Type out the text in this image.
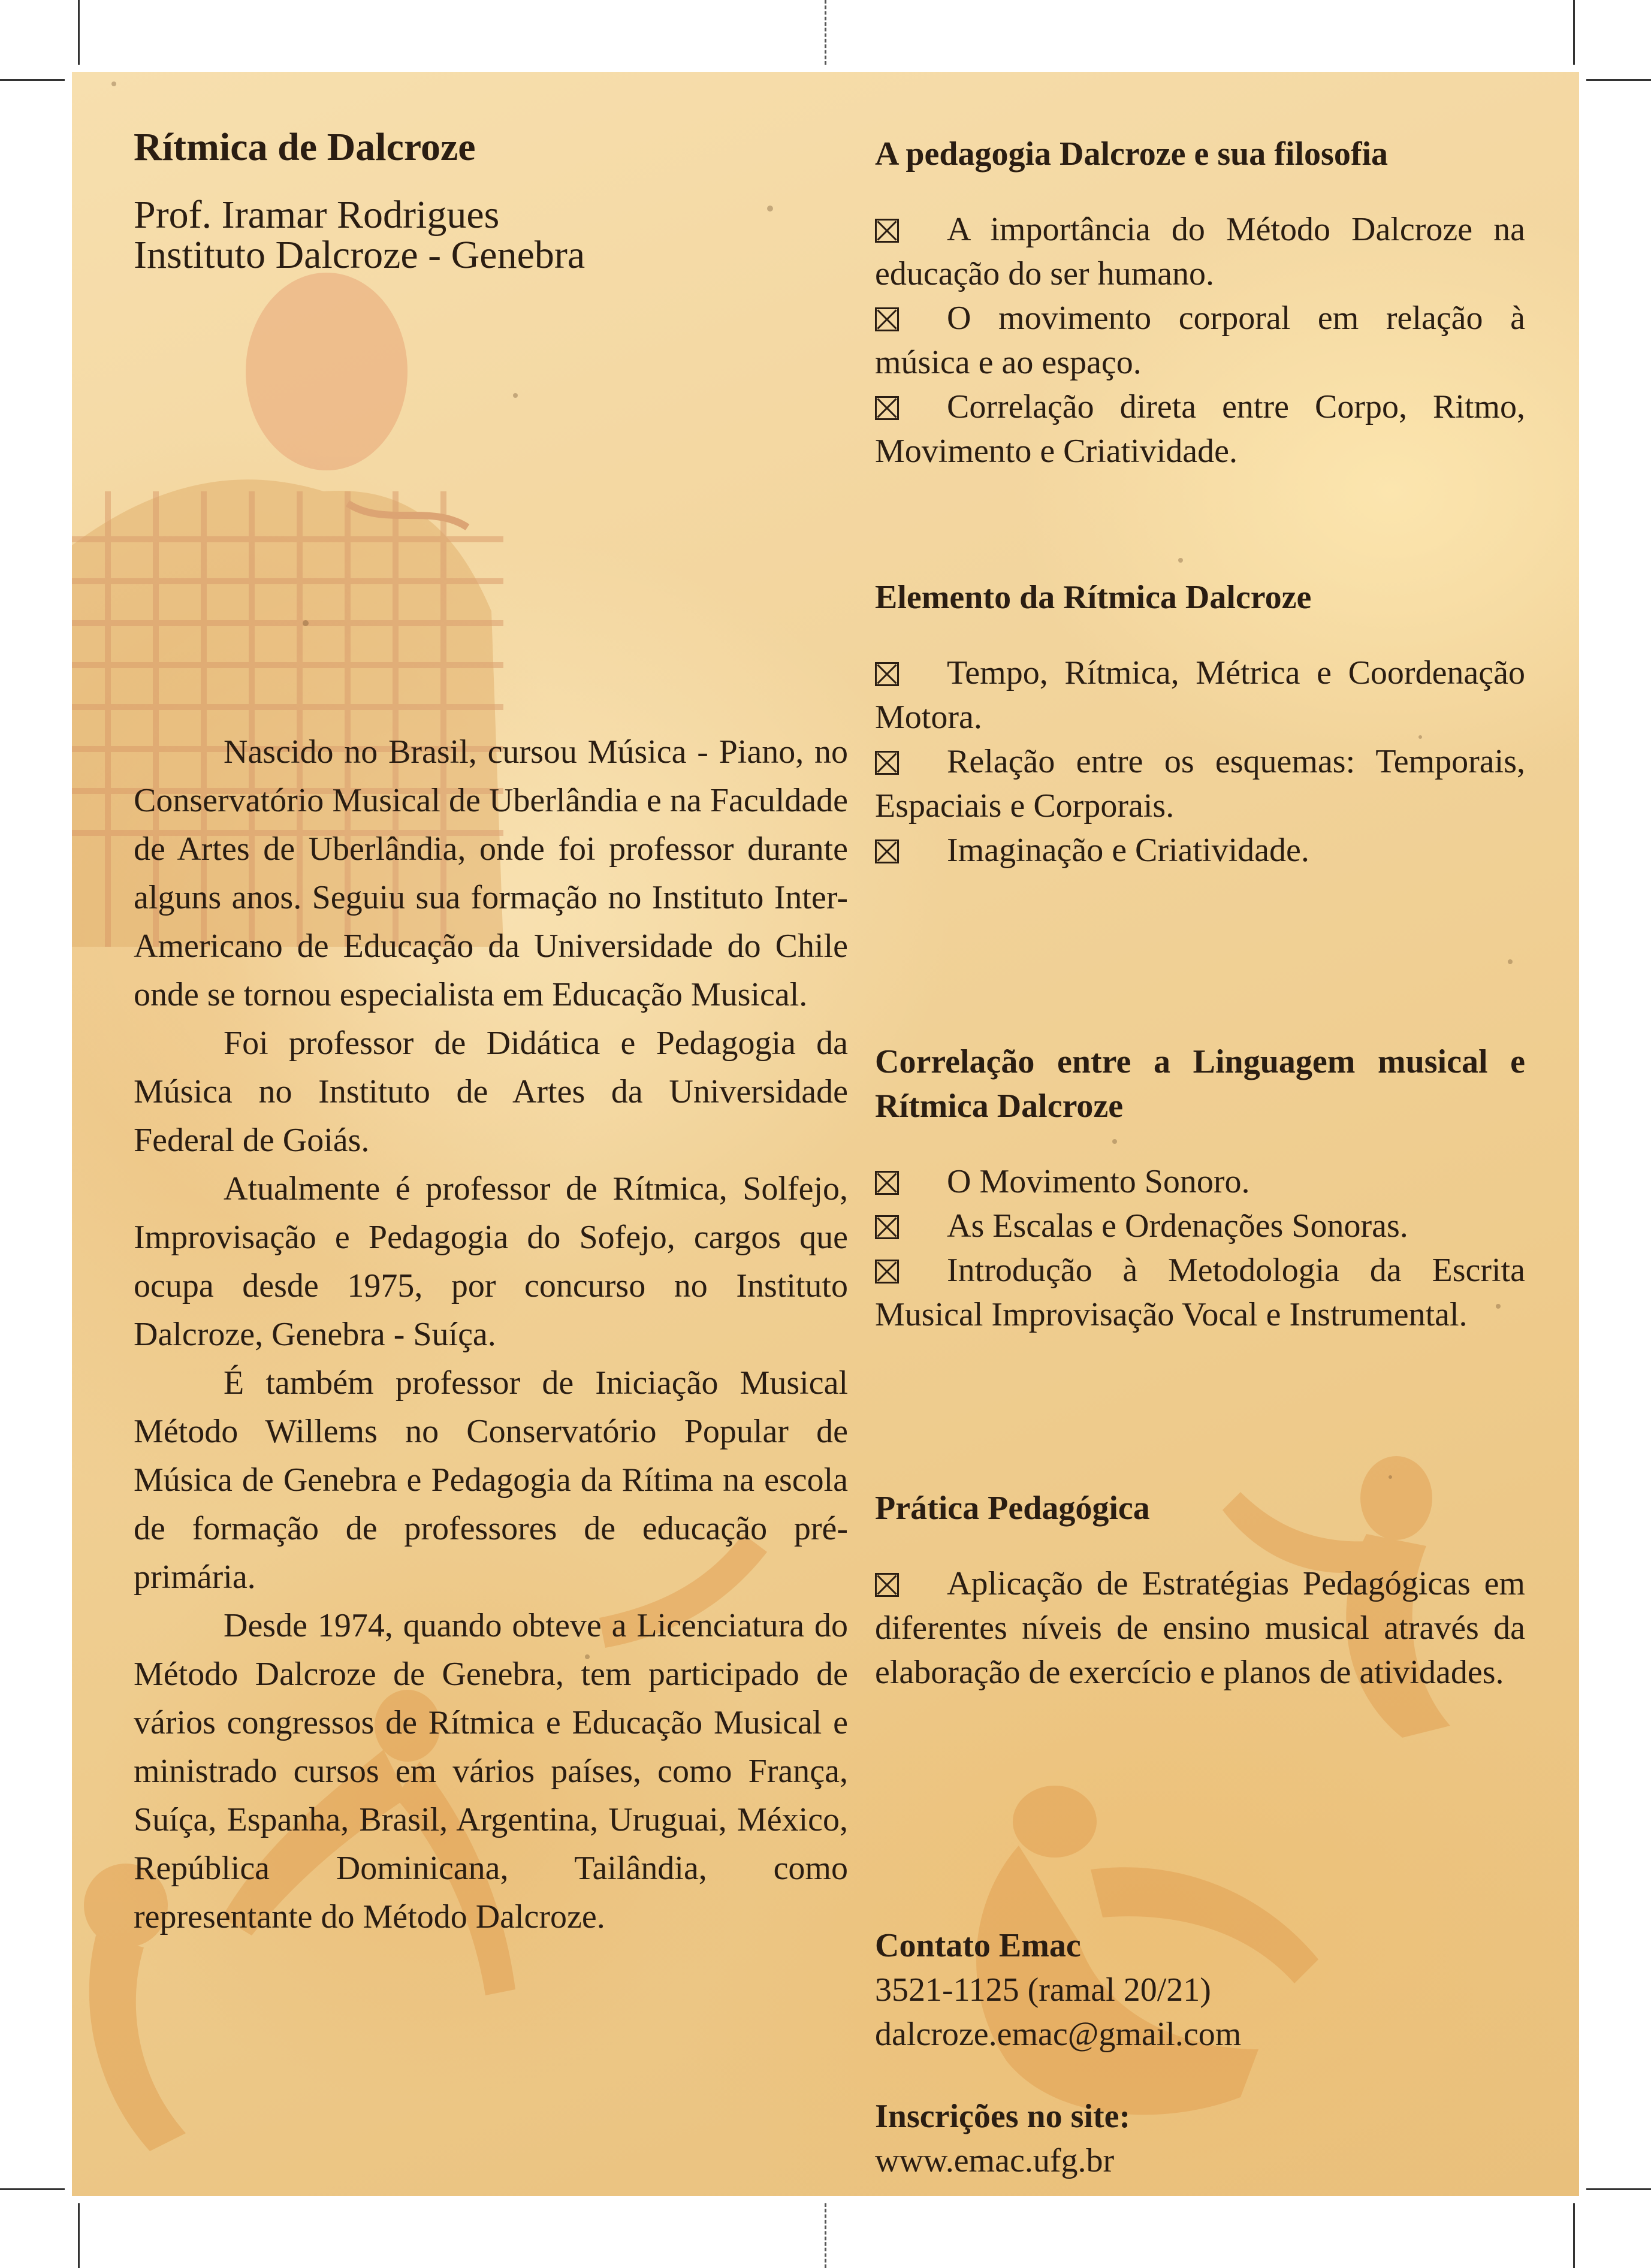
Rítmica de Dalcroze
Prof. Iramar Rodrigues
Instituto Dalcroze - Genebra

Nascido no Brasil, cursou Música - Piano, no Conservatório Musical de Uberlândia e na Faculdade de Artes de Uberlândia, onde foi professor durante alguns anos. Seguiu sua formação no Instituto Inter-Americano de Educação da Universidade do Chile onde se tornou especialista em Educação Musical.

Foi professor de Didática e Pedagogia da Música no Instituto de Artes da Universidade Federal de Goiás.

Atualmente é professor de Rítmica, Solfejo, Improvisação e Pedagogia do Sofejo, cargos que ocupa desde 1975, por concurso no Instituto Dalcroze, Genebra - Suíça.

É também professor de Iniciação Musical Método Willems no Conservatório Popular de Música de Genebra e Pedagogia da Rítima na escola de formação de professores de educação pré-primária.

Desde 1974, quando obteve a Licenciatura do Método Dalcroze de Genebra, tem participado de vários congressos de Rítmica e Educação Musical e ministrado cursos em vários países, como França, Suíça, Espanha, Brasil, Argentina, Uruguai, México, República Dominicana, Tailândia, como representante do Método Dalcroze.

A pedagogia Dalcroze e sua filosofia

A importância do Método Dalcroze na educação do ser humano.

O movimento corporal em relação à música e ao espaço.

Correlação direta entre Corpo, Ritmo, Movimento e Criatividade.

Elemento da Rítmica Dalcroze

Tempo, Rítmica, Métrica e Coordenação Motora.

Relação entre os esquemas: Temporais, Espaciais e Corporais.

Imaginação e Criatividade.

Correlação entre a Linguagem musical e Rítmica Dalcroze

O Movimento Sonoro.

As Escalas e Ordenações Sonoras.

Introdução à Metodologia da Escrita Musical Improvisação Vocal e Instrumental.

Prática Pedagógica

Aplicação de Estratégias Pedagógicas em diferentes níveis de ensino musical através da elaboração de exercício e planos de atividades.

Contato Emac
3521-1125 (ramal 20/21)
dalcroze.emac@gmail.com
Inscrições no site:
www.emac.ufg.br
